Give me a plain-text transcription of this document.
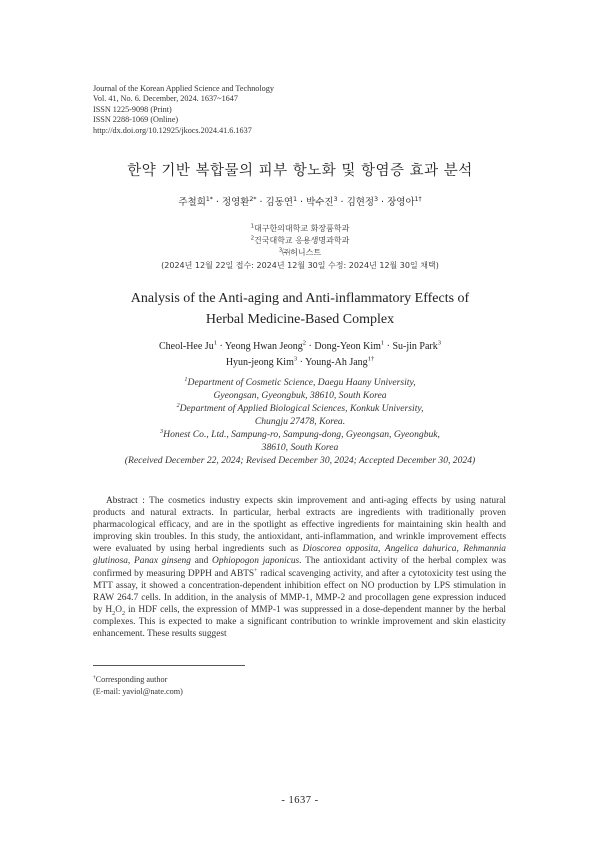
Journal of the Korean Applied Science and Technology
Vol. 41, No. 6. December, 2024. 1637~1647
ISSN 1225-9098 (Print)
ISSN 2288-1069 (Online)
http://dx.doi.org/10.12925/jkocs.2024.41.6.1637
한약 기반 복합물의 피부 항노화 및 항염증 효과 분석
주철희$^{1*}$ · 정영환$^{2*}$ · 김동연$^1$ · 박수진$^3$ · 김현정$^3$ · 장영아$^{1\dagger}$
$^1$대구한의대학교 화장품학과
$^2$건국대학교 응용생명과학과
$^3$㈜허니스트
(2024년 12월 22일 접수: 2024년 12월 30일 수정: 2024년 12월 30일 채택)
Analysis of the Anti-aging and Anti-inflammatory Effects of
Herbal Medicine-Based Complex
Cheol-Hee $Ju^1$ · Yeong Hwan Jeong$^2$ · Dong-Yeon Kim$^1$ · Su-jin Park$^3$
Hyun-jeong Kim$^3$ · Young-Ah Jang$^{1\dagger}$
$^1$Department of Cosmetic Science, Daegu Haany University,
Gyeongsan, Gyeongbuk, 38610, South Korea
$^2$Department of Applied Biological Sciences, Konkuk University,
Chungju 27478, Korea.
$^3$Honest Co., Ltd., Sampung-ro, Sampung-dong, Gyeongsan, Gyeongbuk,
38610, South Korea
(Received December 22, 2024; Revised December 30, 2024; Accepted December 30, 2024)
Abstract : The cosmetics industry expects skin improvement and anti-aging effects by using natural products and natural extracts. In particular, herbal extracts are ingredients with traditionally proven pharmacological efficacy, and are in the spotlight as effective ingredients for maintaining skin health and improving skin troubles. In this study, the antioxidant, anti-inflammation, and wrinkle improvement effects were evaluated by using herbal ingredients such as Dioscorea opposita, Angelica dahurica, Rehmannia glutinosa, Panax ginseng and Ophiopogon japonicus. The antioxidant activity of the herbal complex was confirmed by measuring DPPH and ABTS+ radical scavenging activity, and after a cytotoxicity test using the MTT assay, it showed a concentration-dependent inhibition effect on NO production by LPS stimulation in RAW 264.7 cells. In addition, in the analysis of MMP-1, MMP-2 and procollagen gene expression induced by $H_2O_2$ in HDF cells, the expression of MMP-1 was suppressed in a dose-dependent manner by the herbal complexes. This is expected to make a significant contribution to wrinkle improvement and skin elasticity enhancement. These results suggest
†Corresponding author
(E-mail: yaviol@nate.com)
- 1637 -
